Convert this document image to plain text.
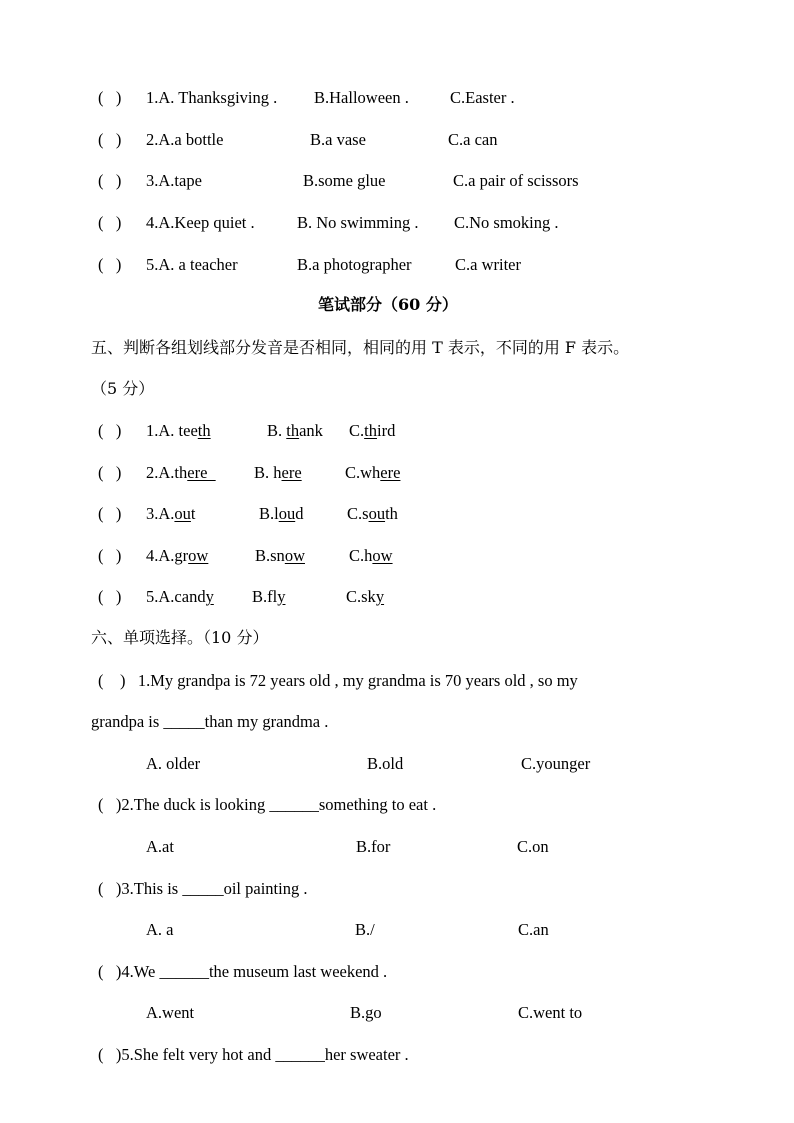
(   ) 1.A. Thanksgiving . B.Halloween . C.Easter .
(   ) 2.A.a bottle	B.a vase	C.a can
(   ) 3.A.tape	B.some glue	C.a pair of scissors
(   ) 4.A.Keep quiet .	B. No swimming . C.No smoking .
(   ) 5.A. a teacher	B.a photographer	C.a writer
笔试部分（60 分）
五、判断各组划线部分发音是否相同，相同的用 T 表示，不同的用 F 表示。
（5 分）
(   ) 1.A. teeth	B. thank C.third
(   ) 2.A.there B. here	C.where
(   ) 3.A.out	B.loud	C.south
(   ) 4.A.grow	B.snow	C.how
(   ) 5.A.candy B.fly	C.sky
六、单项选择。（10 分）
(    )   1.My grandpa is 72 years old , my grandma is 70 years old , so my
grandpa is _____than my grandma .
A. older	B.old	C.younger
(   )2.The duck is looking ______something to eat .
A.at	B.for	C.on
(   )3.This is _____oil painting .
A. a	B./	C.an
(   )4.We ______the museum last weekend .
A.went	B.go	C.went to
(   )5.She felt very hot and ______her sweater .
